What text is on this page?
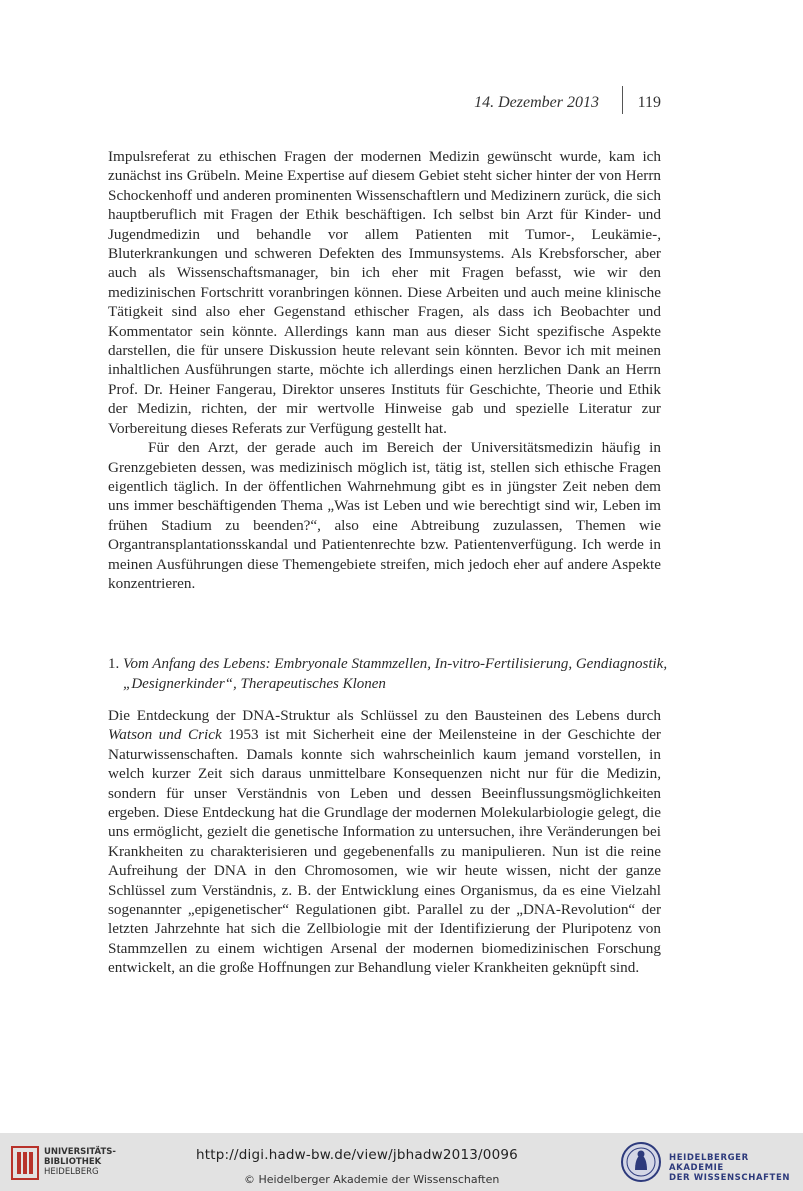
14. Dezember 2013 119

Impulsreferat zu ethischen Fragen der modernen Medizin gewünscht wurde, kam ich zunächst ins Grübeln. Meine Expertise auf diesem Gebiet steht sicher hinter der von Herrn Schockenhoff und anderen prominenten Wissenschaftlern und Medizinern zurück, die sich hauptberuflich mit Fragen der Ethik beschäftigen. Ich selbst bin Arzt für Kinder- und Jugendmedizin und behandle vor allem Patienten mit Tumor-, Leukämie-, Bluterkrankungen und schweren Defekten des Immunsystems. Als Krebsforscher, aber auch als Wissenschaftsmanager, bin ich eher mit Fragen befasst, wie wir den medizinischen Fortschritt voranbringen können. Diese Arbeiten und auch meine klinische Tätigkeit sind also eher Gegenstand ethischer Fragen, als dass ich Beobachter und Kommentator sein könnte. Allerdings kann man aus dieser Sicht spezifische Aspekte darstellen, die für unsere Diskussion heute relevant sein könnten. Bevor ich mit meinen inhaltlichen Ausführungen starte, möchte ich allerdings einen herzlichen Dank an Herrn Prof. Dr. Heiner Fangerau, Direktor unseres Instituts für Geschichte, Theorie und Ethik der Medizin, richten, der mir wertvolle Hinweise gab und spezielle Literatur zur Vorbereitung dieses Referats zur Verfügung gestellt hat.

Für den Arzt, der gerade auch im Bereich der Universitätsmedizin häufig in Grenzgebieten dessen, was medizinisch möglich ist, tätig ist, stellen sich ethische Fragen eigentlich täglich. In der öffentlichen Wahrnehmung gibt es in jüngster Zeit neben dem uns immer beschäftigenden Thema „Was ist Leben und wie berechtigt sind wir, Leben im frühen Stadium zu beenden?“, also eine Abtreibung zuzulassen, Themen wie Organtransplantationsskandal und Patientenrechte bzw. Patientenverfügung. Ich werde in meinen Ausführungen diese Themengebiete streifen, mich jedoch eher auf andere Aspekte konzentrieren.

1. Vom Anfang des Lebens: Embryonale Stammzellen, In-vitro-Fertilisierung, Gendiagnostik, „Designerkinder“, Therapeutisches Klonen

Die Entdeckung der DNA-Struktur als Schlüssel zu den Bausteinen des Lebens durch Watson und Crick 1953 ist mit Sicherheit eine der Meilensteine in der Geschichte der Naturwissenschaften. Damals konnte sich wahrscheinlich kaum jemand vorstellen, in welch kurzer Zeit sich daraus unmittelbare Konsequenzen nicht nur für die Medizin, sondern für unser Verständnis von Leben und dessen Beeinflussungsmöglichkeiten ergeben. Diese Entdeckung hat die Grundlage der modernen Molekularbiologie gelegt, die uns ermöglicht, gezielt die genetische Information zu untersuchen, ihre Veränderungen bei Krankheiten zu charakterisieren und gegebenenfalls zu manipulieren. Nun ist die reine Aufreihung der DNA in den Chromosomen, wie wir heute wissen, nicht der ganze Schlüssel zum Verständnis, z. B. der Entwicklung eines Organismus, da es eine Vielzahl sogenannter „epigenetischer“ Regulationen gibt. Parallel zu der „DNA-Revolution“ der letzten Jahrzehnte hat sich die Zellbiologie mit der Identifizierung der Pluripotenz von Stammzellen zu einem wichtigen Arsenal der modernen biomedizinischen Forschung entwickelt, an die große Hoffnungen zur Behandlung vieler Krankheiten geknüpft sind.

UNIVERSITÄTS-
BIBLIOTHEK
HEIDELBERG
http://digi.hadw-bw.de/view/jbhadw2013/0096
© Heidelberger Akademie der Wissenschaften
HEIDELBERGER AKADEMIE
DER WISSENSCHAFTEN
